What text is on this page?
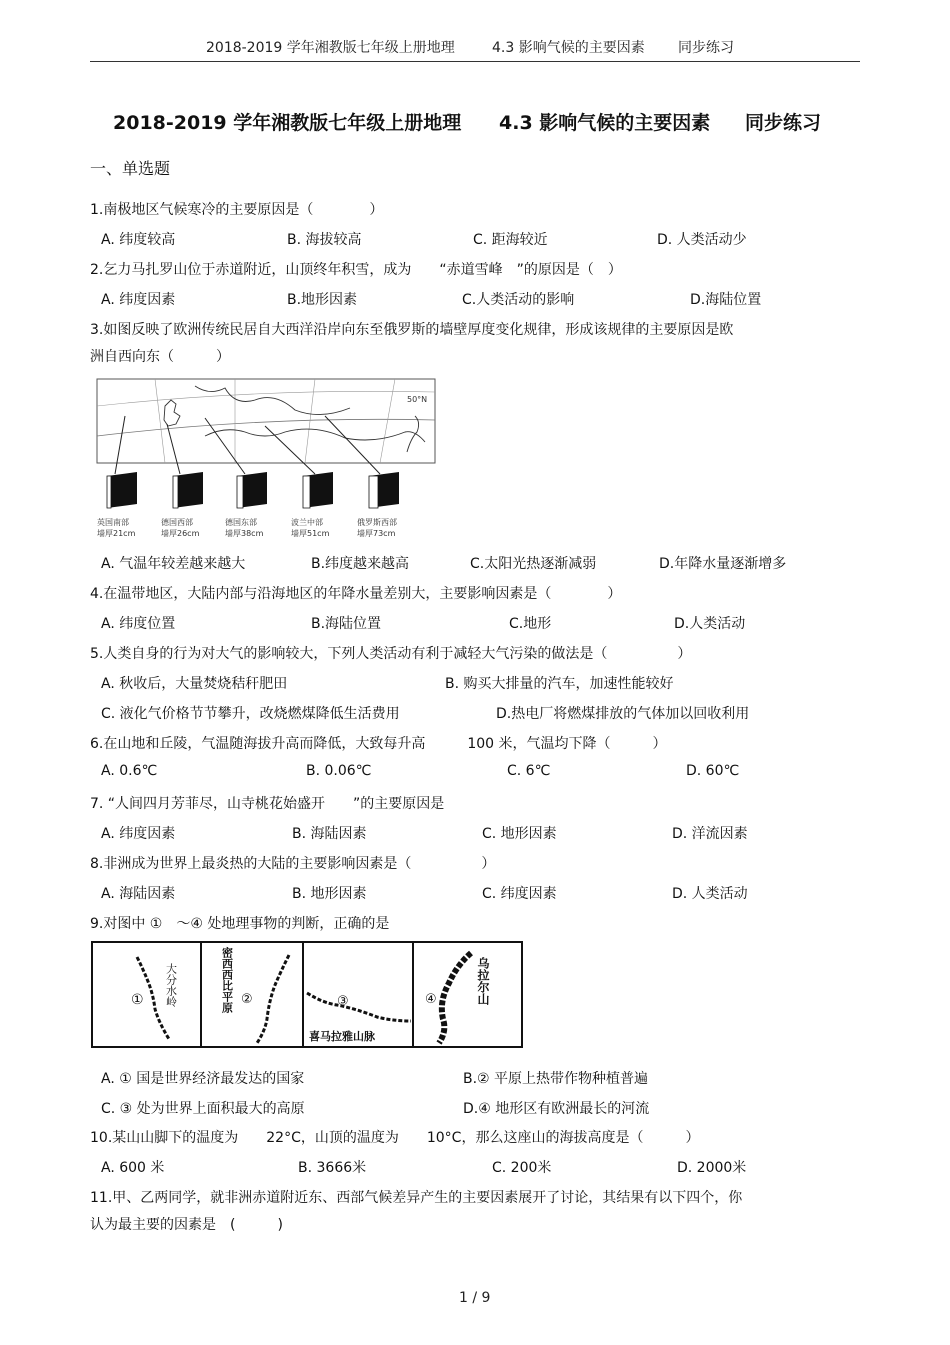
2018-2019 学年湘教版七年级上册地理	4.3 影响气候的主要因素 同步练习
2018-2019 学年湘教版七年级上册地理 4.3 影响气候的主要因素 同步练习
一、单选题
1.南极地区气候寒冷的主要原因是（　　　　）
A. 纬度较高	B. 海拔较高	C. 距海较近	D. 人类活动少
2.乞力马扎罗山位于赤道附近，山顶终年积雪，成为　　“赤道雪峰　”的原因是（　）
A. 纬度因素	B.地形因素	C.人类活动的影响	D.海陆位置
3.如图反映了欧洲传统民居自大西洋沿岸向东至俄罗斯的墙壁厚度变化规律，形成该规律的主要原因是欧
洲自西向东（　　　）
50°N
英国南部
墙厚21cm
德国西部
墙厚26cm
德国东部
墙厚38cm
波兰中部
墙厚51cm
俄罗斯西部
墙厚73cm
A. 气温年较差越来越大	B.纬度越来越高	C.太阳光热逐渐减弱	D.年降水量逐渐增多
4.在温带地区，大陆内部与沿海地区的年降水量差别大，主要影响因素是（　　　　）
A. 纬度位置	B.海陆位置	C.地形	D.人类活动
5.人类自身的行为对大气的影响较大，下列人类活动有利于减轻大气污染的做法是（　　　　　）
A. 秋收后，大量焚烧秸秆肥田	B. 购买大排量的汽车，加速性能较好
C. 液化气价格节节攀升，改烧燃煤降低生活费用	D.热电厂将燃煤排放的气体加以回收利用
6.在山地和丘陵，气温随海拔升高而降低，大致每升高　　　100 米，气温均下降（　　　）
A. 0.6℃	B. 0.06℃	C. 6℃	D. 60℃
7. “人间四月芳菲尽，山寺桃花始盛开　　”的主要原因是
A. 纬度因素	B. 海陆因素	C. 地形因素	D. 洋流因素
8.非洲成为世界上最炎热的大陆的主要影响因素是（　　　　　）
A. 海陆因素	B. 地形因素	C. 纬度因素	D. 人类活动
9.对图中 ①　～④ 处地理事物的判断，正确的是
① 大分水岭	密西西比平原 ②	③
喜马拉雅山脉
④	乌拉尔山
A. ① 国是世界经济最发达的国家	B.② 平原上热带作物种植普遍
C. ③ 处为世界上面积最大的高原	D.④ 地形区有欧洲最长的河流
10.某山山脚下的温度为　　22°C，山顶的温度为　　10°C，那么这座山的海拔高度是（　　　）
A. 600 米	B. 3666米	C. 200米	D. 2000米
11.甲、乙两同学，就非洲赤道附近东、西部气候差异产生的主要因素展开了讨论，其结果有以下四个，你
认为最主要的因素是　(　　　)
1 / 9
